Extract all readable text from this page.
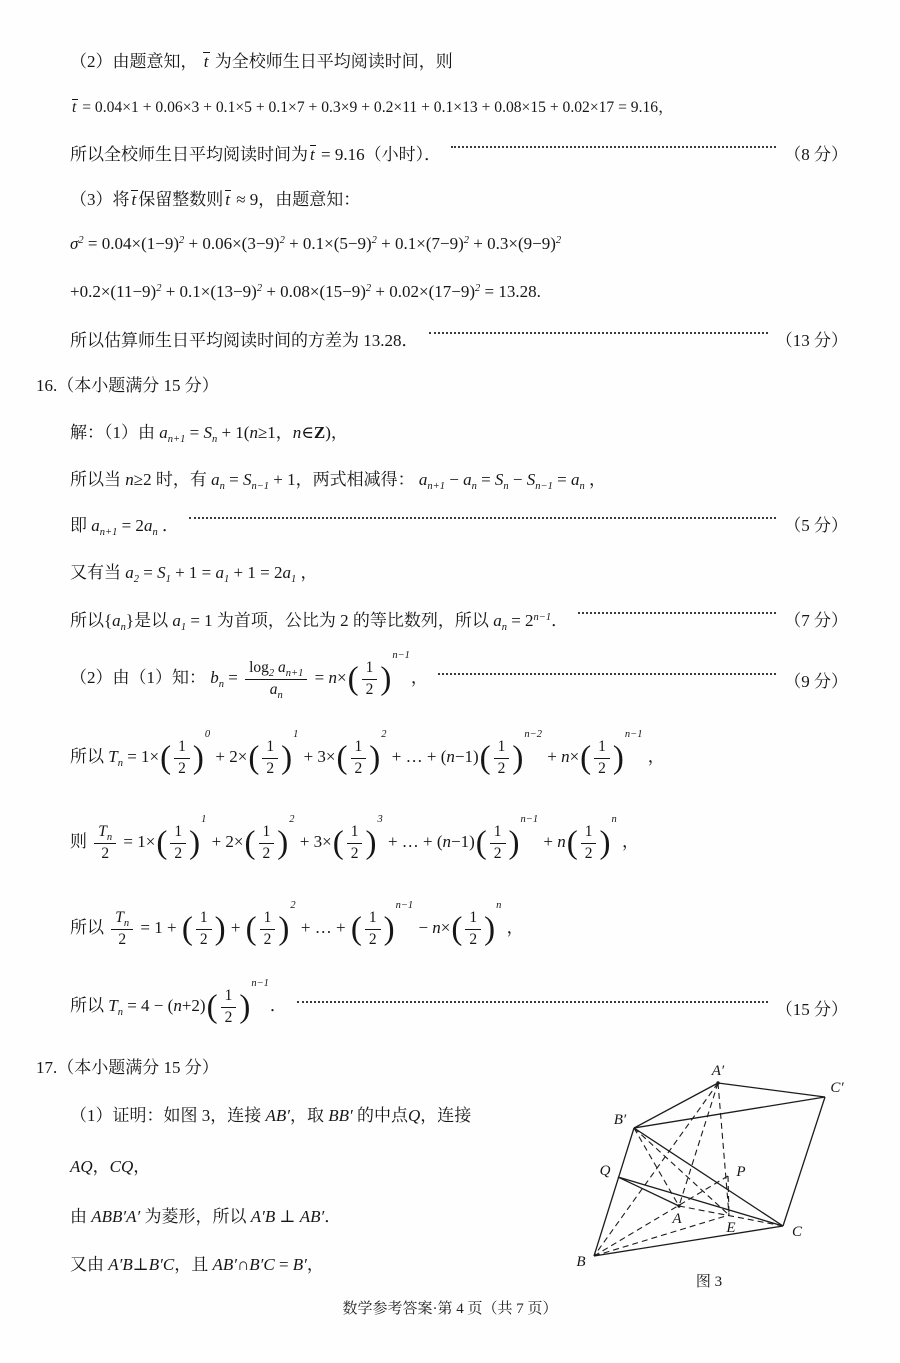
（2）由题意知， t 为全校师生日平均阅读时间，则
t = 0.04×1 + 0.06×3 + 0.1×5 + 0.1×7 + 0.3×9 + 0.2×11 + 0.1×13 + 0.08×15 + 0.02×17 = 9.16，
所以全校师生日平均阅读时间为 t = 9.16（小时）．	（8 分）
（3）将 t 保留整数则 t ≈ 9，由题意知：
$\sigma^2 = 0.04\times(1-9)^2 + 0.06\times(3-9)^2 + 0.1\times(5-9)^2 + 0.1\times(7-9)^2 + 0.3\times(9-9)^2$
$+0.2\times(11-9)^2 + 0.1\times(13-9)^2 + 0.08\times(15-9)^2 + 0.02\times(17-9)^2 = 13.28$.
所以估算师生日平均阅读时间的方差为 13.28．	（13 分）
16.（本小题满分 15 分）
解：（1）由 $a_{n+1} = S_n + 1(n\ge 1$，n∈Z)，
所以当 n≥2 时，有 $a_n = S_{n-1} + 1$，两式相减得： $a_{n+1} - a_n = S_n - S_{n-1} = a_n$ ，
即 $a_{n+1} = 2a_n$ ．	（5 分）
又有当 $a_2 = S_1 + 1 = a_1 + 1 = 2a_1$ ，
所以$\{a_n\}$是以 $a_1 = 1$ 为首项，公比为 2 的等比数列，所以 $a_n = 2^{n-1}$．	（7 分）
（2）由（1）知： $b_n = \frac{\log_2 a_{n+1}}{a_n} = n\times$ ( $\frac{1}{2}$ )
n−1
，	（9 分）
所以 $T_n = 1\times$ ( $\frac{1}{2}$ )
0
+ 2× ( $\frac{1}{2}$ )
1
+ 3× ( $\frac{1}{2}$ )
2
+ … + (n−1) ( $\frac{1}{2}$ )
n−2
+ n× ( $\frac{1}{2}$ )
n−1
，
则 $\frac{T_n}{2} = 1\times$ ( $\frac{1}{2}$ )
1
+ 2× ( $\frac{1}{2}$ )
2
+ 3× ( $\frac{1}{2}$ )
3
+ … + (n−1) ( $\frac{1}{2}$ )
n−1
+ n ( $\frac{1}{2}$ )
n
，
所以 $\frac{T_n}{2} = 1$ + ( $\frac{1}{2}$ ) + ( $\frac{1}{2}$ )
2
+ … + ( $\frac{1}{2}$ )
n−1
− n× ( $\frac{1}{2}$ )
n
，
所以 $T_n = 4 - (n+2)$ ( $\frac{1}{2}$ )
n−1
．	（15 分）
17.（本小题满分 15 分）
（1）证明：如图 3，连接 AB′，取 BB′ 的中点Q，连接
AQ，CQ，
由 ABB′A′ 为菱形，所以 A′B ⊥ AB′．
又由 A′B⊥B′C，且 AB′∩B′C = B′，
A′
C′
B′
Q	P
A
E	C
B
图 3
数学参考答案·第 4 页（共 7 页）
